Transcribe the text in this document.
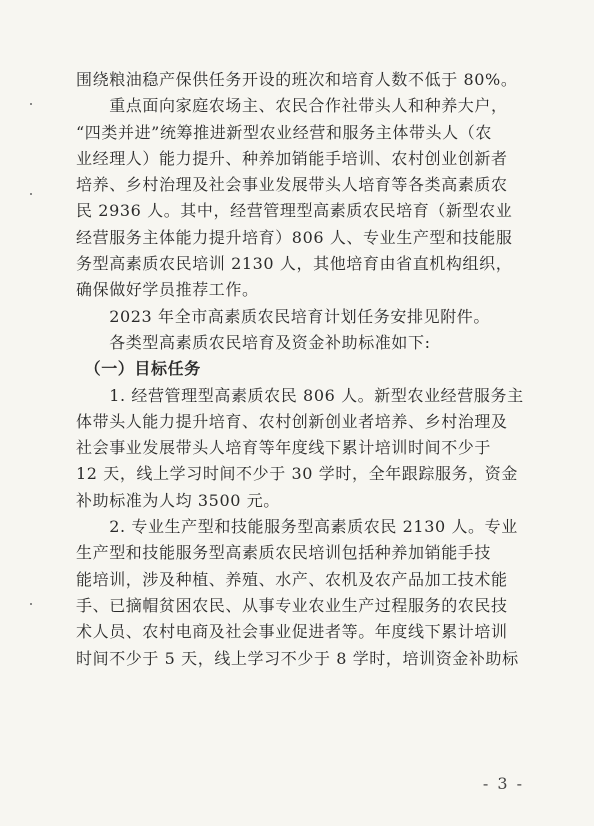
围绕粮油稳产保供任务开设的班次和培育人数不低于 80%。
　　重点面向家庭农场主、农民合作社带头人和种养大户，
“四类并进”统筹推进新型农业经营和服务主体带头人（农
业经理人）能力提升、种养加销能手培训、农村创业创新者
培养、乡村治理及社会事业发展带头人培育等各类高素质农
民 2936 人。其中，经营管理型高素质农民培育（新型农业
经营服务主体能力提升培育）806 人、专业生产型和技能服
务型高素质农民培训 2130 人，其他培育由省直机构组织，
确保做好学员推荐工作。
　　2023 年全市高素质农民培育计划任务安排见附件。
　　各类型高素质农民培育及资金补助标准如下:
　（一）目标任务
　　1. 经营管理型高素质农民 806 人。新型农业经营服务主
体带头人能力提升培育、农村创新创业者培养、乡村治理及
社会事业发展带头人培育等年度线下累计培训时间不少于
12 天，线上学习时间不少于 30 学时，全年跟踪服务，资金
补助标准为人均 3500 元。
　　2. 专业生产型和技能服务型高素质农民 2130 人。专业
生产型和技能服务型高素质农民培训包括种养加销能手技
能培训，涉及种植、养殖、水产、农机及农产品加工技术能
手、已摘帽贫困农民、从事专业农业生产过程服务的农民技
术人员、农村电商及社会事业促进者等。年度线下累计培训
时间不少于 5 天，线上学习不少于 8 学时，培训资金补助标
- 3 -
